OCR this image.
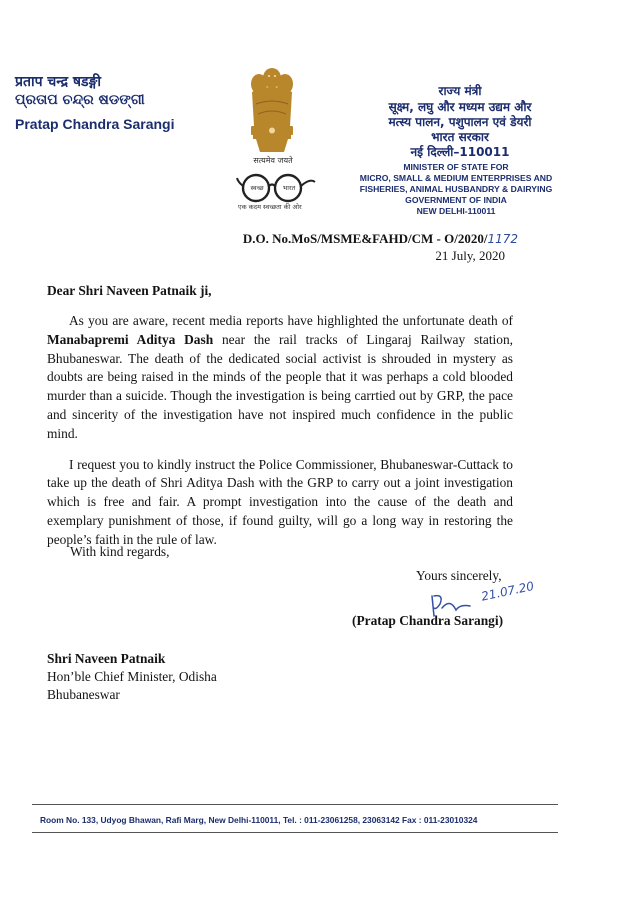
प्रताप चन्द्र षडङ्गी
ପ୍ରତାପ ଚନ୍ଦ୍ର ଷଡଙ୍ଗୀ
Pratap Chandra Sarangi
सत्यमेव जयते
स्वच्छ	भारत
एक कदम स्वच्छता की ओर
राज्य मंत्री
सूक्ष्म, लघु और मध्यम उद्यम और
मत्स्य पालन, पशुपालन एवं डेयरी
भारत सरकार
नई दिल्ली–110011
MINISTER OF STATE FOR
MICRO, SMALL & MEDIUM ENTERPRISES AND
FISHERIES, ANIMAL HUSBANDRY & DAIRYING
GOVERNMENT OF INDIA
NEW DELHI-110011
D.O. No.MoS/MSME&FAHD/CM - O/2020/1172
21 July, 2020
Dear Shri Naveen Patnaik ji,

As you are aware, recent media reports have highlighted the unfortunate death of Manabapremi Aditya Dash near the rail tracks of Lingaraj Railway station, Bhubaneswar. The death of the dedicated social activist is shrouded in mystery as doubts are being raised in the minds of the people that it was perhaps a cold blooded murder than a suicide. Though the investigation is being carrtied out by GRP, the pace and sincerity of the investigation have not inspired much confidence in the public mind.

I request you to kindly instruct the Police Commissioner, Bhubaneswar-Cuttack to take up the death of Shri Aditya Dash with the GRP to carry out a joint investigation which is free and fair. A prompt investigation into the cause of the death and exemplary punishment of those, if found guilty, will go a long way in restoring the people’s faith in the rule of law.

With kind regards,
Yours sincerely,
21.07.20
(Pratap Chandra Sarangi)
Shri Naveen Patnaik
Hon’ble Chief Minister, Odisha
Bhubaneswar
Room No. 133, Udyog Bhawan, Rafi Marg, New Delhi-110011, Tel. : 011-23061258, 23063142 Fax : 011-23010324
